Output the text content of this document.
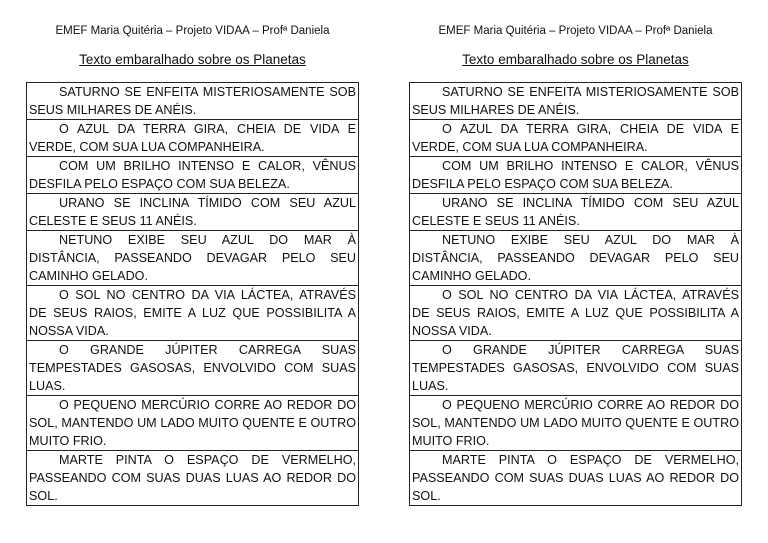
EMEF Maria Quitéria – Projeto VIDAA – Profª Daniela
Texto embaralhado sobre os Planetas
SATURNO SE ENFEITA MISTERIOSAMENTE SOB SEUS MILHARES DE ANÉIS.
O AZUL DA TERRA GIRA, CHEIA DE VIDA E VERDE, COM SUA LUA COMPANHEIRA.
COM UM BRILHO INTENSO E CALOR, VÊNUS DESFILA PELO ESPAÇO COM SUA BELEZA.
URANO SE INCLINA TÍMIDO COM SEU AZUL CELESTE E SEUS 11 ANÉIS.
NETUNO EXIBE SEU AZUL DO MAR À DISTÂNCIA, PASSEANDO DEVAGAR PELO SEU CAMINHO GELADO.
O SOL NO CENTRO DA VIA LÁCTEA, ATRAVÉS DE SEUS RAIOS, EMITE A LUZ QUE POSSIBILITA A NOSSA VIDA.
O GRANDE JÚPITER CARREGA SUAS TEMPESTADES GASOSAS, ENVOLVIDO COM SUAS LUAS.
O PEQUENO MERCÚRIO CORRE AO REDOR DO SOL, MANTENDO UM LADO MUITO QUENTE E OUTRO MUITO FRIO.
MARTE PINTA O ESPAÇO DE VERMELHO, PASSEANDO COM SUAS DUAS LUAS AO REDOR DO SOL.
EMEF Maria Quitéria – Projeto VIDAA – Profª Daniela
Texto embaralhado sobre os Planetas
SATURNO SE ENFEITA MISTERIOSAMENTE SOB SEUS MILHARES DE ANÉIS.
O AZUL DA TERRA GIRA, CHEIA DE VIDA E VERDE, COM SUA LUA COMPANHEIRA.
COM UM BRILHO INTENSO E CALOR, VÊNUS DESFILA PELO ESPAÇO COM SUA BELEZA.
URANO SE INCLINA TÍMIDO COM SEU AZUL CELESTE E SEUS 11 ANÉIS.
NETUNO EXIBE SEU AZUL DO MAR À DISTÂNCIA, PASSEANDO DEVAGAR PELO SEU CAMINHO GELADO.
O SOL NO CENTRO DA VIA LÁCTEA, ATRAVÉS DE SEUS RAIOS, EMITE A LUZ QUE POSSIBILITA A NOSSA VIDA.
O GRANDE JÚPITER CARREGA SUAS TEMPESTADES GASOSAS, ENVOLVIDO COM SUAS LUAS.
O PEQUENO MERCÚRIO CORRE AO REDOR DO SOL, MANTENDO UM LADO MUITO QUENTE E OUTRO MUITO FRIO.
MARTE PINTA O ESPAÇO DE VERMELHO, PASSEANDO COM SUAS DUAS LUAS AO REDOR DO SOL.
